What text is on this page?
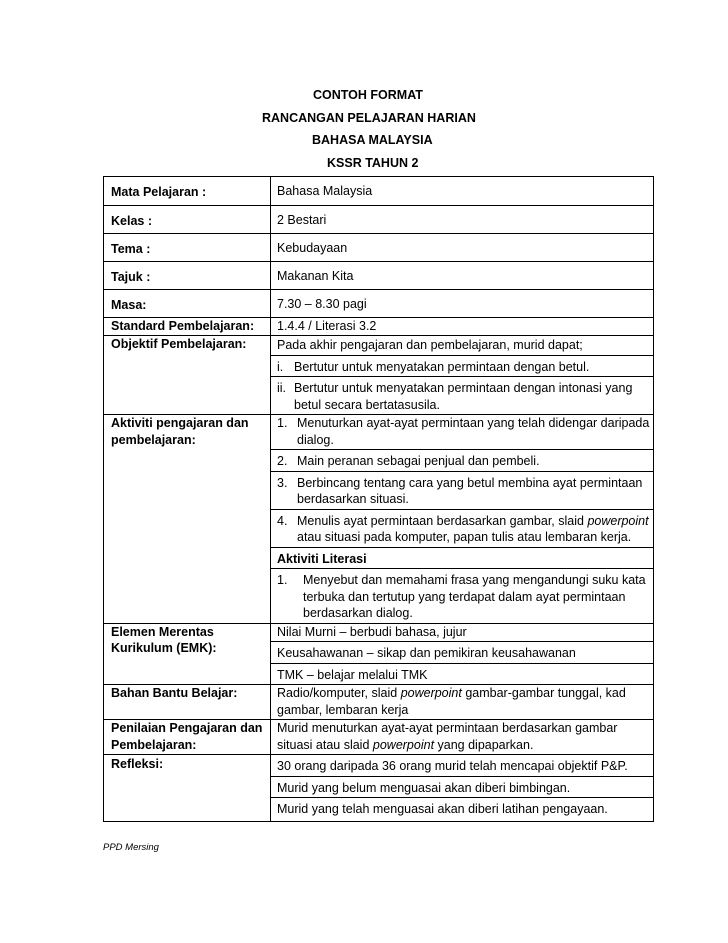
CONTOH FORMAT
RANCANGAN PELAJARAN HARIAN
BAHASA MALAYSIA
KSSR TAHUN 2
Mata Pelajaran :	Bahasa Malaysia
Kelas :	2 Bestari
Tema :	Kebudayaan
Tajuk :	Makanan Kita
Masa:	7.30 – 8.30 pagi
Standard Pembelajaran:	1.4.4 / Literasi 3.2
Objektif Pembelajaran:	Pada akhir pengajaran dan pembelajaran, murid dapat;
i. Bertutur untuk menyatakan permintaan dengan betul.
ii. Bertutur untuk menyatakan permintaan dengan intonasi yang betul secara bertatasusila.
Aktiviti pengajaran dan pembelajaran:
1. Menuturkan ayat-ayat permintaan yang telah didengar daripada dialog.
2. Main peranan sebagai penjual dan pembeli.
3. Berbincang tentang cara yang betul membina ayat permintaan berdasarkan situasi.
4. Menulis ayat permintaan berdasarkan gambar, slaid powerpoint atau situasi pada komputer, papan tulis atau lembaran kerja.
Aktiviti Literasi
1.	Menyebut dan memahami frasa yang mengandungi suku kata terbuka dan tertutup yang terdapat dalam ayat permintaan berdasarkan dialog.
Elemen Merentas Kurikulum (EMK):
Nilai Murni – berbudi bahasa, jujur
Keusahawanan – sikap dan pemikiran keusahawanan
TMK – belajar melalui TMK
Bahan Bantu Belajar:	Radio/komputer, slaid powerpoint gambar-gambar tunggal, kad gambar, lembaran kerja
Penilaian Pengajaran dan Pembelajaran:
Murid menuturkan ayat-ayat permintaan berdasarkan gambar situasi atau slaid powerpoint yang dipaparkan.
Refleksi:	30 orang daripada 36 orang murid telah mencapai objektif P&P.
Murid yang belum menguasai akan diberi bimbingan.
Murid yang telah menguasai akan diberi latihan pengayaan.
PPD Mersing
